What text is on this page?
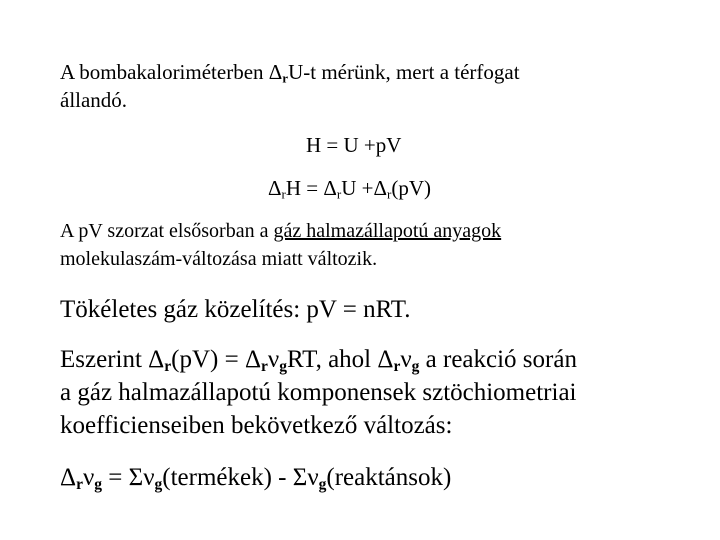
A bombakaloriméterben $\Delta_rU-t$ mérünk, mert a térfogat
állandó.
H = U +pV
$\Delta_rH = \Delta_rU +\Delta_r(pV)$
A pV szorzat elsősorban a gáz halmazállapotú anyagok
molekulaszám-változása miatt változik.
Tökéletes gáz közelítés: pV = nRT.
Eszerint $\Delta_r(pV) = \Delta_r\nu_gRT$, ahol $\Delta_r\nu_g$ a reakció során
a gáz halmazállapotú komponensek sztöchiometriai
koefficienseiben bekövetkező változás:
$\Delta_r\nu_g$ = $\Sigma\nu_g(termékek)$ - $\Sigma\nu_g(reaktánsok)$
